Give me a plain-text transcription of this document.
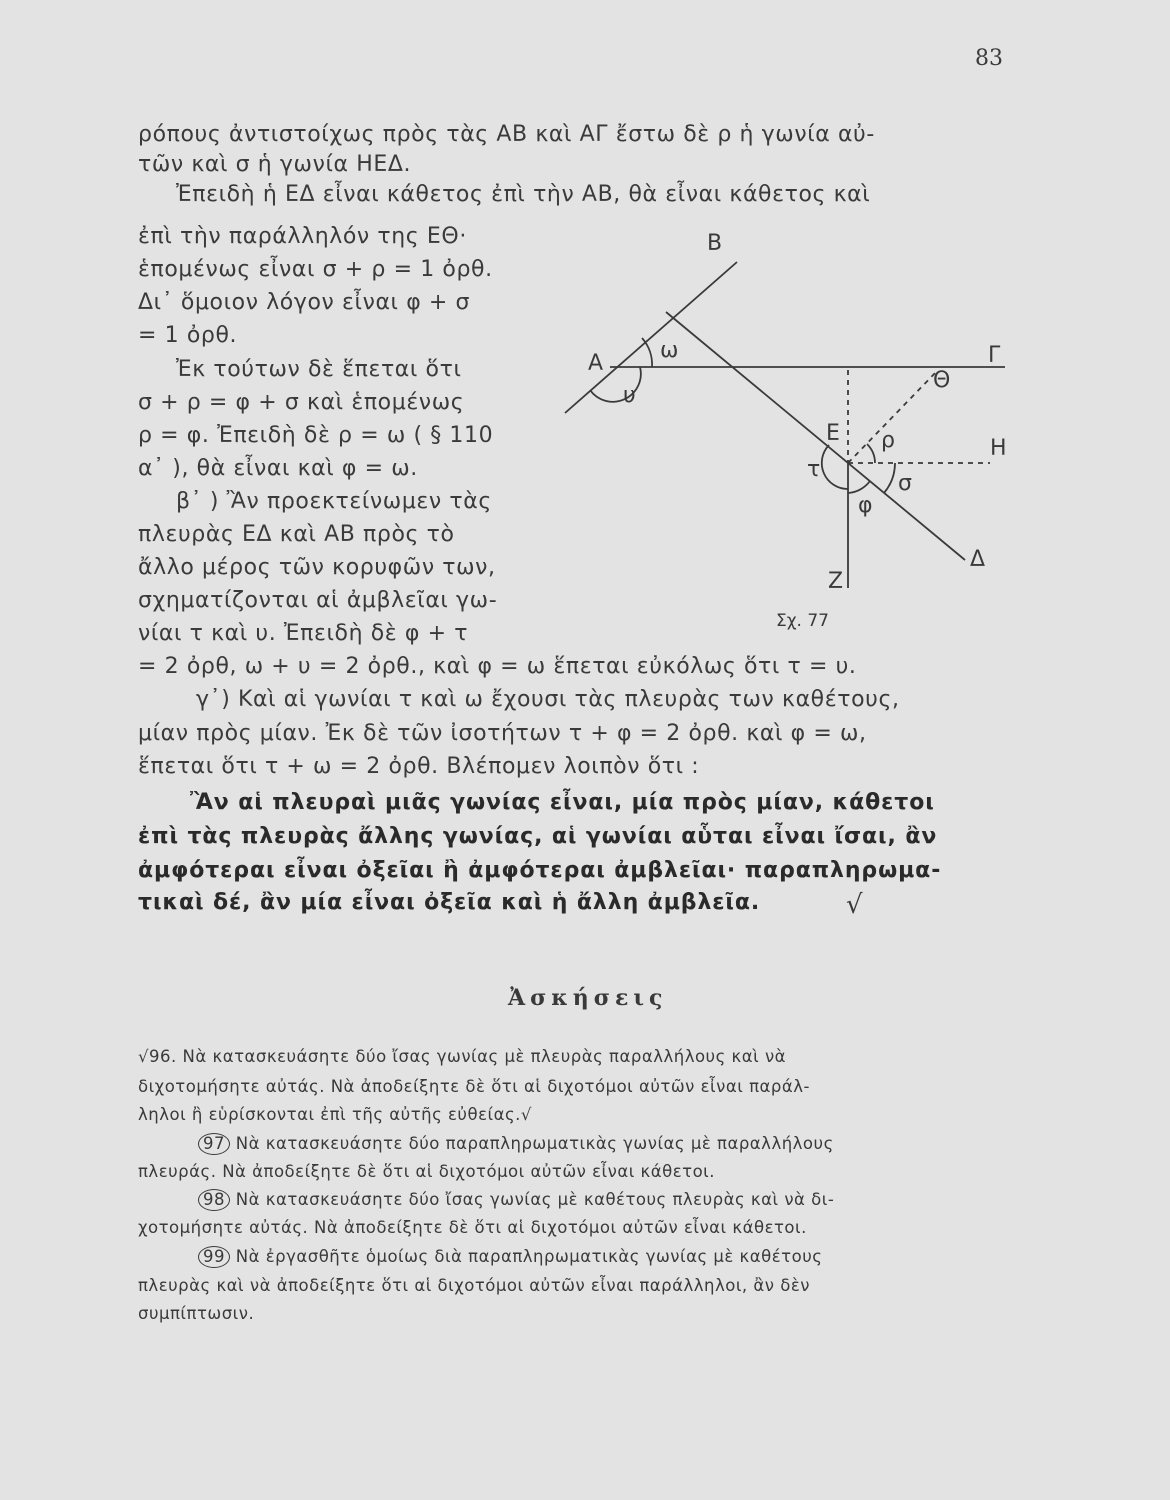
83
ρόπους ἀντιστοίχως πρὸς τὰς ΑΒ καὶ ΑΓ ἔστω δὲ ρ ἡ γωνία αὐ-
τῶν καὶ σ ἡ γωνία ΗΕΔ.
Ἐπειδὴ ἡ ΕΔ εἶναι κάθετος ἐπὶ τὴν ΑΒ, θὰ εἶναι κάθετος καὶ
ἐπὶ τὴν παράλληλόν της ΕΘ·
ἑπομένως εἶναι σ + ρ = 1 ὀρθ.
Δι᾽ ὅμοιον λόγον εἶναι φ + σ
= 1 ὀρθ.
Ἐκ τούτων δὲ ἕπεται ὅτι
σ + ρ = φ + σ καὶ ἑπομένως
ρ = φ. Ἐπειδὴ δὲ ρ = ω ( § 110
α᾽ ), θὰ εἶναι καὶ φ = ω.
β᾽ ) Ἂν προεκτείνωμεν τὰς
πλευρὰς ΕΔ καὶ ΑΒ πρὸς τὸ
ἄλλο μέρος τῶν κορυφῶν των,
σχηματίζονται αἱ ἀμβλεῖαι γω-
νίαι τ καὶ υ. Ἐπειδὴ δὲ φ + τ
= 2 ὀρθ, ω + υ = 2 ὀρθ., καὶ φ = ω ἕπεται εὐκόλως ὅτι τ = υ.
γ᾽) Καὶ αἱ γωνίαι τ καὶ ω ἔχουσι τὰς πλευρὰς των καθέτους,
μίαν πρὸς μίαν. Ἐκ δὲ τῶν ἰσοτήτων τ + φ = 2 ὀρθ. καὶ φ = ω,
ἕπεται ὅτι τ + ω = 2 ὀρθ. Βλέπομεν λοιπὸν ὅτι :
Ἂν αἱ πλευραὶ μιᾶς γωνίας εἶναι, μία πρὸς μίαν, κάθετοι
ἐπὶ τὰς πλευρὰς ἄλλης γωνίας, αἱ γωνίαι αὗται εἶναι ἴσαι, ἂν
ἀμφότεραι εἶναι ὀξεῖαι ἢ ἀμφότεραι ἀμβλεῖαι· παραπληρωμα-
τικαὶ δέ, ἂν μία εἶναι ὀξεῖα καὶ ἡ ἄλλη ἀμβλεῖα.	√
Ἀσκήσεις
√96. Νὰ κατασκευάσητε δύο ἴσας γωνίας μὲ πλευρὰς παραλλήλους καὶ νὰ
διχοτομήσητε αὐτάς. Νὰ ἀποδείξητε δὲ ὅτι αἱ διχοτόμοι αὐτῶν εἶναι παράλ-
ληλοι ἢ εὑρίσκονται ἐπὶ τῆς αὐτῆς εὐθείας.√
97 Νὰ κατασκευάσητε δύο παραπληρωματικὰς γωνίας μὲ παραλλήλους
πλευράς. Νὰ ἀποδείξητε δὲ ὅτι αἱ διχοτόμοι αὐτῶν εἶναι κάθετοι.
98 Νὰ κατασκευάσητε δύο ἴσας γωνίας μὲ καθέτους πλευρὰς καὶ νὰ δι-
χοτομήσητε αὐτάς. Νὰ ἀποδείξητε δὲ ὅτι αἱ διχοτόμοι αὐτῶν εἶναι κάθετοι.
99 Νὰ ἐργασθῆτε ὁμοίως διὰ παραπληρωματικὰς γωνίας μὲ καθέτους
πλευρὰς καὶ νὰ ἀποδείξητε ὅτι αἱ διχοτόμοι αὐτῶν εἶναι παράλληλοι, ἂν δὲν
συμπίπτωσιν.
Α
Β
Γ
Θ
Ε
Η
Δ
Ζ
ω
υ
ρ
σ
φ
τ
Σχ. 77
